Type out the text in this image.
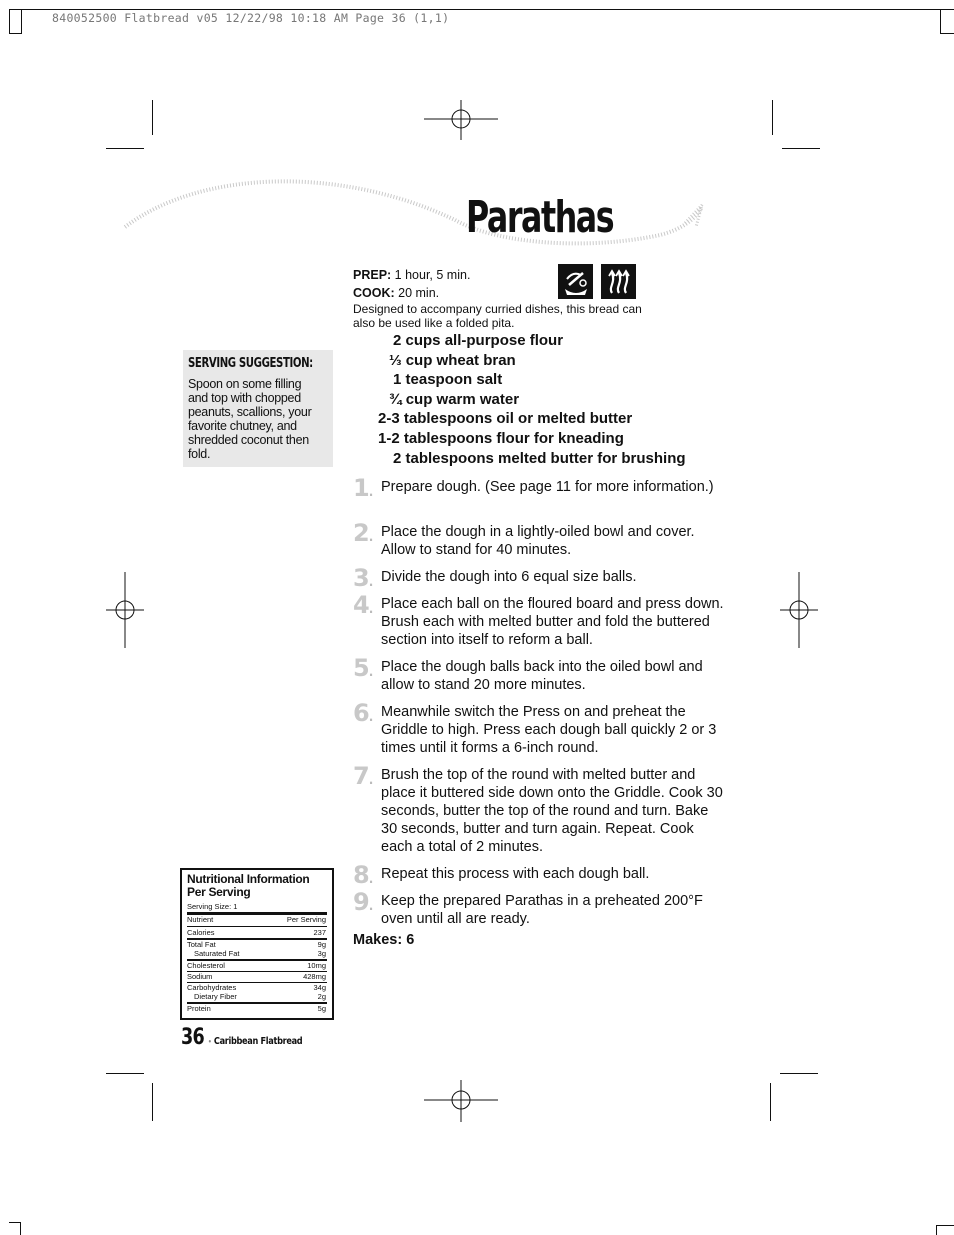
840052500 Flatbread v05 12/22/98 10:18 AM Page 36 (1,1)
Parathas
PREP: 1 hour, 5 min.
COOK: 20 min.
Designed to accompany curried dishes, this bread can also be used like a folded pita.
2 cups all-purpose flour
⅓ cup wheat bran
1 teaspoon salt
¾ cup warm water
2-3 tablespoons oil or melted butter
1-2 tablespoons flour for kneading
2 tablespoons melted butter for brushing
SERVING SUGGESTION:
Spoon on some filling and top with chopped peanuts, scallions, your favorite chutney, and shredded coconut then fold.
1 . Prepare dough. (See page 11 for more information.)
2 . Place the dough in a lightly-oiled bowl and cover. Allow to stand for 40 minutes.
3 . Divide the dough into 6 equal size balls.
4 . Place each ball on the floured board and press down. Brush each with melted butter and fold the buttered section into itself to reform a ball.
5 . Place the dough balls back into the oiled bowl and allow to stand 20 more minutes.
6 . Meanwhile switch the Press on and preheat the Griddle to high. Press each dough ball quickly 2 or 3 times until it forms a 6-inch round.
7 . Brush the top of the round with melted butter and place it buttered side down onto the Griddle. Cook 30 seconds, butter the top of the round and turn. Bake 30 seconds, butter and turn again. Repeat. Cook each a total of 2 minutes.
8 . Repeat this process with each dough ball.
9 . Keep the prepared Parathas in a preheated 200°F oven until all are ready.
Makes: 6
Nutritional Information Per Serving
Serving Size: 1
Nutrient	Per Serving
Calories	237
Total Fat	9g
Saturated Fat	3g
Cholesterol	10mg
Sodium	428mg
Carbohydrates	34g
Dietary Fiber	2g
Protein	5g
36 • Caribbean Flatbread
